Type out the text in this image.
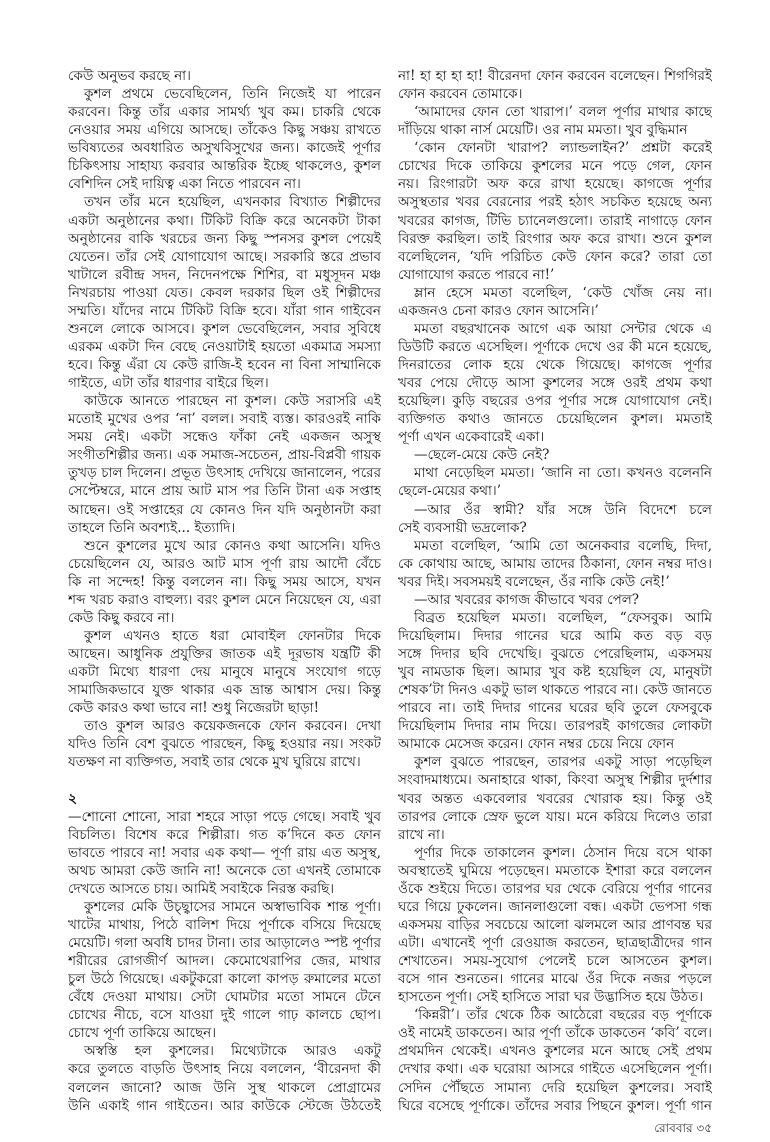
কেউ অনুভব করছে না।
কুশল প্রথমে ভেবেছিলেন, তিনি নিজেই যা পারেন
করবেন। কিন্তু তাঁর একার সামর্থ্য খুব কম। চাকরি থেকে
নেওয়ার সময় এগিয়ে আসছে। তাঁকেও কিছু সঞ্চয় রাখতে
ভবিষ্যতের অবধারিত অসুখবিসুখের জন্য। কাজেই পূর্ণার
চিকিৎসায় সাহায্য করবার আন্তরিক ইচ্ছে থাকলেও, কুশল
বেশিদিন সেই দায়িত্ব একা নিতে পারবেন না।
তখন তাঁর মনে হয়েছিল, এখনকার বিখ্যাত শিল্পীদের
একটা অনুষ্ঠানের কথা। টিকিট বিক্রি করে অনেকটা টাকা
অনুষ্ঠানের বাকি খরচের জন্য কিছু স্পনসর কুশল পেয়েই
যেতেন। তাঁর সেই যোগাযোগ আছে। সরকারি স্তরে প্রভাব
খাটালে রবীন্দ্র সদন, নিদেনপক্ষে শিশির, বা মধুসূদন মঞ্চ
নিখরচায় পাওয়া যেত। কেবল দরকার ছিল ওই শিল্পীদের
সম্মতি। যাঁদের নামে টিকিট বিক্রি হবে। যাঁরা গান গাইবেন
শুনলে লোকে আসবে। কুশল ভেবেছিলেন, সবার সুবিধে
এরকম একটা দিন বেছে নেওয়াটাই হয়তো একমাত্র সমস্যা
হবে। কিন্তু এঁরা যে কেউ রাজি-ই হবেন না বিনা সাম্মানিকে
গাইতে, এটা তাঁর ধারণার বাইরে ছিল।
কাউকে আনতে পারছেন না কুশল। কেউ সরাসরি এই
মতোই মুখের ওপর ‘না’ বলল। সবাই ব্যস্ত। কারওরই নাকি
সময় নেই। একটা সন্ধেও ফাঁকা নেই একজন অসুস্থ
সংগীতশিল্পীর জন্য। এক সমাজ-সচেতন, প্রায়-বিপ্লবী গায়ক
তুখড় চাল দিলেন। প্রভূত উৎসাহ দেখিয়ে জানালেন, পরের
সেপ্টেম্বরে, মানে প্রায় আট মাস পর তিনি টানা এক সপ্তাহ
আছেন। ওই সপ্তাহের যে কোনও দিন যদি অনুষ্ঠানটা করা
তাহলে তিনি অবশ্যই... ইত্যাদি।
শুনে কুশলের মুখে আর কোনও কথা আসেনি। যদিও
চেয়েছিলেন যে, আরও আট মাস পূর্ণা রায় আদৌ বেঁচে
কি না সন্দেহ! কিন্তু বললেন না। কিছু সময় আসে, যখন
শব্দ খরচ করাও বাহুল্য। বরং কুশল মেনে নিয়েছেন যে, এরা
কেউ কিছু করবে না।
কুশল এখনও হাতে ধরা মোবাইল ফোনটার দিকে
আছেন। আধুনিক প্রযুক্তির জাতক এই দূরভাষ যন্ত্রটি কী
একটা মিথ্যে ধারণা দেয় মানুষে মানুষে সংযোগ গড়ে
সামাজিকভাবে যুক্ত থাকার এক ভ্রান্ত আশ্বাস দেয়। কিন্তু
কেউ কারও কথা ভাবে না! শুধু নিজেরটা ছাড়া!
তাও কুশল আরও কয়েকজনকে ফোন করবেন। দেখা
যদিও তিনি বেশ বুঝতে পারছেন, কিছু হওয়ার নয়। সংকট
যতক্ষণ না ব্যক্তিগত, সবাই তার থেকে মুখ ঘুরিয়ে রাখে।
২
—শোনো শোনো, সারা শহরে সাড়া পড়ে গেছে। সবাই খুব
বিচলিত। বিশেষ করে শিল্পীরা। গত ক’দিনে কত ফোন
ভাবতে পারবে না! সবার এক কথা— পূর্ণা রায় এত অসুস্থ,
অথচ আমরা কেউ জানি না! অনেকে তো এখনই তোমাকে
দেখতে আসতে চায়। আমিই সবাইকে নিরস্ত করছি।
কুশলের মেকি উচ্ছ্বাসের সামনে অস্বাভাবিক শান্ত পূর্ণা।
খাটের মাথায়, পিঠে বালিশ দিয়ে পূর্ণাকে বসিয়ে দিয়েছে
মেয়েটি। গলা অবধি চাদর টানা। তার আড়ালেও স্পষ্ট পূর্ণার
শরীরের রোগজীর্ণ আদল। কেমোথেরাপির জের, মাথার
চুল উঠে গিয়েছে। একটুকরো কালো কাপড় রুমালের মতো
বেঁধে দেওয়া মাথায়। সেটা ঘোমটার মতো সামনে টেনে
চোখের নীচে, বসে যাওয়া দুই গালে গাঢ় কালচে ছোপ।
চোখে পূর্ণা তাকিয়ে আছেন।
অস্বস্তি হল কুশলের। মিথ্যেটাকে আরও একটু
করে তুলতে বাড়তি উৎসাহ নিয়ে বললেন, ‘বীরেনদা কী
বললেন জানো? আজ উনি সুস্থ থাকলে প্রোগ্রামের
উনি একাই গান গাইতেন। আর কাউকে স্টেজে উঠতেই
না! হা হা হা হা! বীরেনদা ফোন করবেন বলেছেন। শিগগিরই
ফোন করবেন তোমাকে।
‘আমাদের ফোন তো খারাপ।’ বলল পূর্ণার মাথার কাছে
দাঁড়িয়ে থাকা নার্স মেয়েটি। ওর নাম মমতা। খুব বুদ্ধিমান
‘কোন ফোনটা খারাপ? ল্যান্ডলাইন?’ প্রশ্নটা করেই
চোখের দিকে তাকিয়ে কুশলের মনে পড়ে গেল, ফোন
নয়। রিংগারটা অফ করে রাখা হয়েছে। কাগজে পূর্ণার
অসুস্থতার খবর বেরনোর পরই হঠাৎ সচকিত হয়েছে অন্য
খবরের কাগজ, টিভি চ্যানেলগুলো। তারাই নাগাড়ে ফোন
বিরক্ত করছিল। তাই রিংগার অফ করে রাখা। শুনে কুশল
বলেছিলেন, ‘যদি পরিচিত কেউ ফোন করে? তারা তো
যোগাযোগ করতে পারবে না!’
ম্লান হেসে মমতা বলেছিল, ‘কেউ খোঁজ নেয় না।
একজনও চেনা কারও ফোন আসেনি।’
মমতা বছরখানেক আগে এক আয়া সেন্টার থেকে এ
ডিউটি করতে এসেছিল। পূর্ণাকে দেখে ওর কী মনে হয়েছে,
দিনরাতের লোক হয়ে থেকে গিয়েছে। কাগজে পূর্ণার
খবর পেয়ে দৌড়ে আসা কুশলের সঙ্গে ওরই প্রথম কথা
হয়েছিল। কুড়ি বছরের ওপর পূর্ণার সঙ্গে যোগাযোগ নেই।
ব্যক্তিগত কথাও জানতে চেয়েছিলেন কুশল। মমতাই
পূর্ণা এখন একেবারেই একা।
—ছেলে-মেয়ে কেউ নেই?
মাথা নেড়েছিল মমতা। ‘জানি না তো। কখনও বলেননি
ছেলে-মেয়ের কথা।’
—আর ওঁর স্বামী? যাঁর সঙ্গে উনি বিদেশে চলে
সেই ব্যবসায়ী ভদ্রলোক?
মমতা বলেছিল, ‘আমি তো অনেকবার বলেছি, দিদা,
কে কোথায় আছে, আমায় তাদের ঠিকানা, ফোন নম্বর দাও।
খবর দিই। সবসময়ই বলেছেন, ওঁর নাকি কেউ নেই!’
—আর খবরের কাগজ কীভাবে খবর পেল?
বিব্রত হয়েছিল মমতা। বলেছিল, “ফেসবুক। আমি
দিয়েছিলাম। দিদার গানের ঘরে আমি কত বড় বড়
সঙ্গে দিদার ছবি দেখেছি। বুঝতে পেরেছিলাম, একসময়
খুব নামডাক ছিল। আমার খুব কষ্ট হয়েছিল যে, মানুষটা
শেষক’টা দিনও একটু ভাল থাকতে পারবে না। কেউ জানতে
পারবে না। তাই দিদার গানের ঘরের ছবি তুলে ফেসবুকে
দিয়েছিলাম দিদার নাম দিয়ে। তারপরই কাগজের লোকটা
আমাকে মেসেজ করেন। ফোন নম্বর চেয়ে নিয়ে ফোন
কুশল বুঝতে পারছেন, তারপর একটু সাড়া পড়েছিল
সংবাদমাধ্যমে। অনাহারে থাকা, কিংবা অসুস্থ শিল্পীর দুর্দশার
খবর অন্তত একবেলার খবরের খোরাক হয়। কিন্তু ওই
তারপর লোকে স্রেফ ভুলে যায়। মনে করিয়ে দিলেও তারা
রাখে না।
পূর্ণার দিকে তাকালেন কুশল। ঠেসান দিয়ে বসে থাকা
অবস্থাতেই ঘুমিয়ে পড়েছেন। মমতাকে ইশারা করে বললেন
ওঁকে শুইয়ে দিতে। তারপর ঘর থেকে বেরিয়ে পূর্ণার গানের
ঘরে গিয়ে ঢুকলেন। জানলাগুলো বন্ধ। একটা ভেপসা গন্ধ
একসময় বাড়ির সবচেয়ে আলো ঝলমলে আর প্রাণবন্ত ঘর
এটা। এখানেই পূর্ণা রেওয়াজ করতেন, ছাত্রছাত্রীদের গান
শেখাতেন। সময়-সুযোগ পেলেই চলে আসতেন কুশল।
বসে গান শুনতেন। গানের মাঝে ওঁর দিকে নজর পড়লে
হাসতেন পূর্ণা। সেই হাসিতে সারা ঘর উদ্ভাসিত হয়ে উঠত।
‘কিন্নরী’। তাঁর থেকে ঠিক আঠেরো বছরের বড় পূর্ণাকে
ওই নামেই ডাকতেন। আর পূর্ণা তাঁকে ডাকতেন ‘কবি’ বলে।
প্রথমদিন থেকেই। এখনও কুশলের মনে আছে সেই প্রথম
দেখার কথা। এক ঘরোয়া আসরে গাইতে এসেছিলেন পূর্ণা।
সেদিন পৌঁছতে সামান্য দেরি হয়েছিল কুশলের। সবাই
ঘিরে বসেছে পূর্ণাকে। তাঁদের সবার পিছনে কুশল। পূর্ণা গান
রোববার ৩৫
